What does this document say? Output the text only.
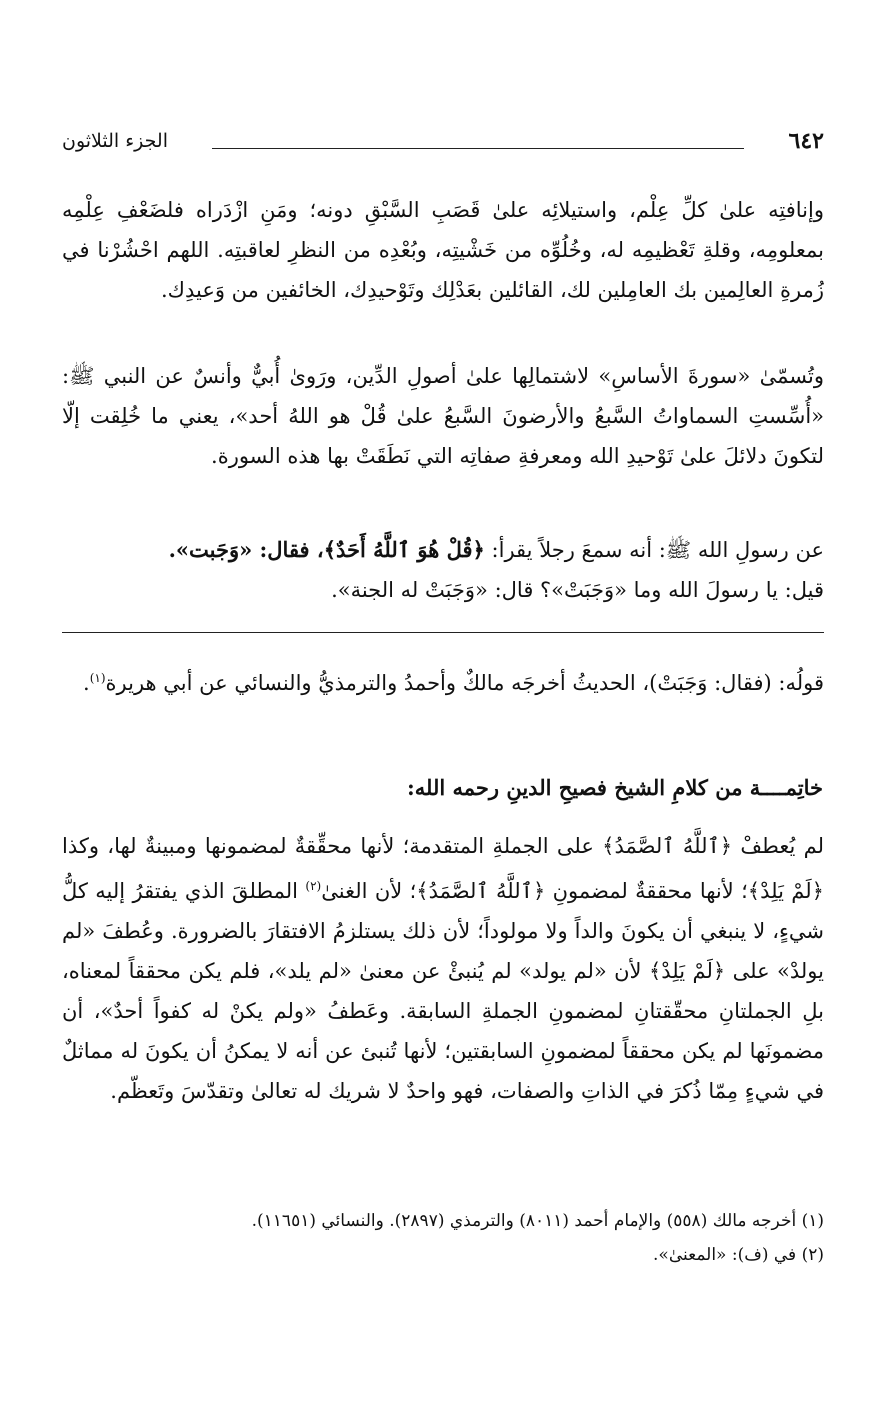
٦٤٢
الجزء الثلاثون

وإنافتِه علىٰ كلِّ عِلْم، واستيلائِه علىٰ قَصَبِ السَّبْقِ دونه؛ ومَنِ ازْدَراه فلضَعْفِ عِلْمِه بمعلومِه، وقلةِ تَعْظيمِه له، وخُلُوِّه من خَشْيتِه، وبُعْدِه من النظرِ لعاقبتِه. اللهم احْشُرْنا في زُمرةِ العالِمين بك العامِلين لك، القائلين بعَدْلِك وتَوْحيدِك، الخائفين من وَعيدِك.

وتُسمّىٰ «سورةَ الأساسِ» لاشتمالِها علىٰ أصولِ الدِّين، ورَوىٰ أُبيٌّ وأنسٌ عن النبي ﷺ: «أُسِّستِ السماواتُ السَّبعُ والأرضونَ السَّبعُ علىٰ قُلْ هو اللهُ أحد»، يعني ما خُلِقت إلّا لتكونَ دلائلَ علىٰ تَوْحيدِ الله ومعرفةِ صفاتِه التي نَطَقَتْ بها هذه السورة.

عن رسولِ الله ﷺ: أنه سمعَ رجلاً يقرأ: ﴿قُلْ هُوَ ٱللَّهُ أَحَدٌ﴾، فقال: «وَجَبت».
قيل: يا رسولَ الله وما «وَجَبَتْ»؟ قال: «وَجَبَتْ له الجنة».

قولُه: (فقال: وَجَبَتْ)، الحديثُ أخرجَه مالكٌ وأحمدُ والترمذيُّ والنسائي عن أبي هريرة$^{(١)}$.

خاتِمــــة من كلامِ الشيخ فصيحِ الدينِ رحمه الله:

لم يُعطفْ ﴿ٱللَّهُ ٱلصَّمَدُ﴾ على الجملةِ المتقدمة؛ لأنها محقِّقةٌ لمضمونها ومبينةٌ لها، وكذا ﴿لَمْ يَلِدْ﴾؛ لأنها محققةٌ لمضمونِ ﴿ٱللَّهُ ٱلصَّمَدُ﴾؛ لأن الغنىٰ$^{(٢)}$ المطلقَ الذي يفتقرُ إليه كلُّ شيءٍ، لا ينبغي أن يكونَ والداً ولا مولوداً؛ لأن ذلك يستلزمُ الافتقارَ بالضرورة. وعُطفَ «لم يولدْ» على ﴿لَمْ يَلِدْ﴾ لأن «لم يولد» لم يُنبئْ عن معنىٰ «لم يلد»، فلم يكن محققاً لمعناه، بلِ الجملتانِ محقّقتانِ لمضمونِ الجملةِ السابقة. وعَطفُ «ولم يكنْ له كفواً أحدٌ»، أن مضمونَها لم يكن محققاً لمضمونِ السابقتين؛ لأنها تُنبئ عن أنه لا يمكنُ أن يكونَ له مماثلٌ في شيءٍ مِمّا ذُكرَ في الذاتِ والصفات، فهو واحدٌ لا شريك له تعالىٰ وتقدّسَ وتَعظّم.

(١) أخرجه مالك (٥٥٨) والإمام أحمد (٨٠١١) والترمذي (٢٨٩٧). والنسائي (١١٦٥١).
(٢) في (ف): «المعنىٰ».
